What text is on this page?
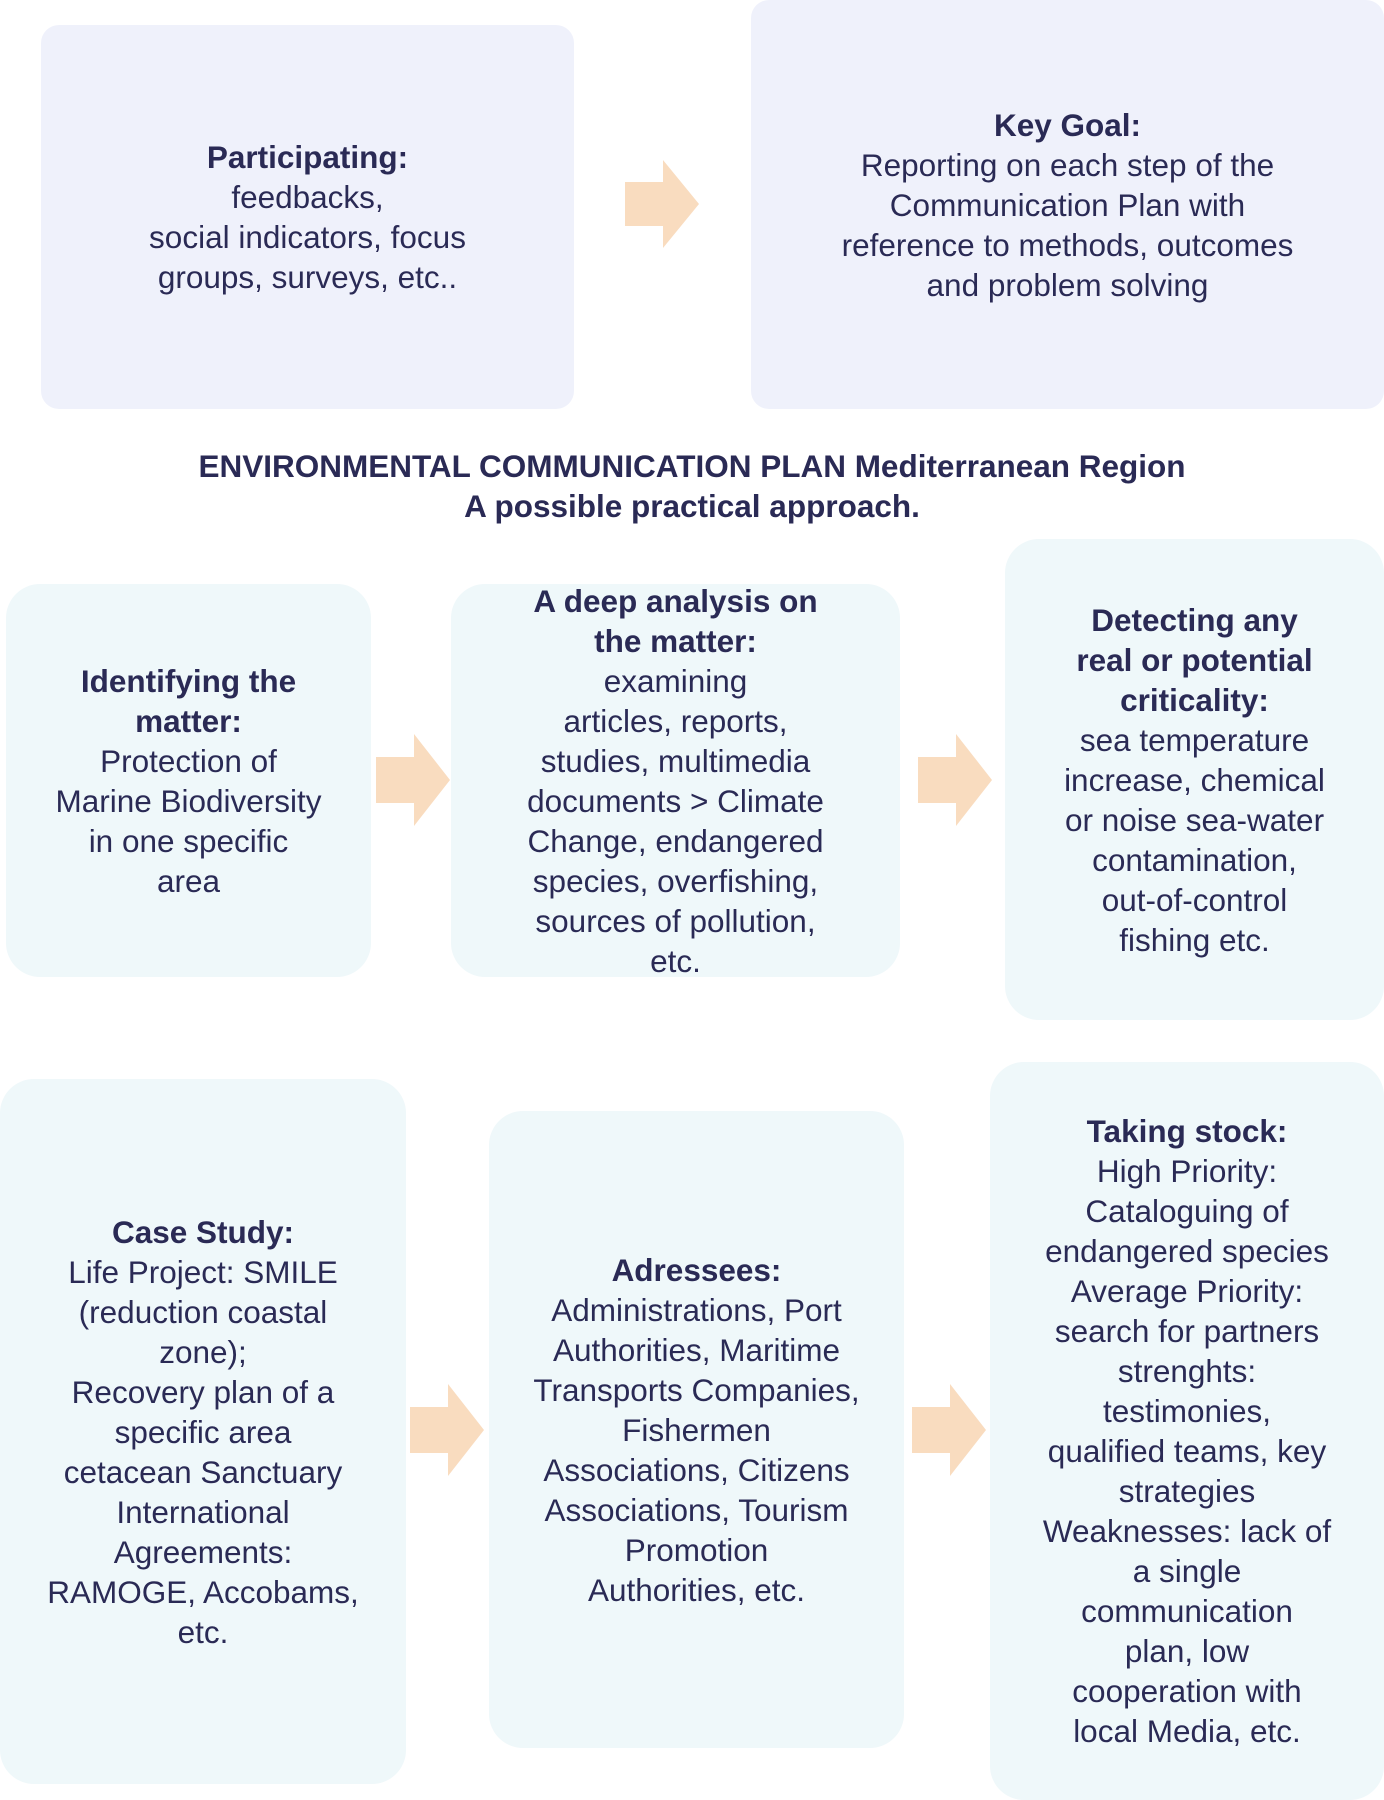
Participating:
feedbacks,
social indicators, focus
groups, surveys, etc..
Key Goal:
Reporting on each step of the
Communication Plan with
reference to methods, outcomes
and problem solving
ENVIRONMENTAL COMMUNICATION PLAN Mediterranean Region
A possible practical approach.
Identifying the
matter:
Protection of
Marine Biodiversity
in one specific
area
A deep analysis on
the matter:
examining
articles, reports,
studies, multimedia
documents > Climate
Change, endangered
species, overfishing,
sources of pollution,
etc.
Detecting any
real or potential
criticality:
sea temperature
increase, chemical
or noise sea-water
contamination,
out-of-control
fishing etc.
Case Study:
Life Project: SMILE
(reduction coastal
zone);
Recovery plan of a
specific area
cetacean Sanctuary
International
Agreements:
RAMOGE, Accobams,
etc.
Adressees:
Administrations, Port
Authorities, Maritime
Transports Companies,
Fishermen
Associations, Citizens
Associations, Tourism
Promotion
Authorities, etc.
Taking stock:
High Priority:
Cataloguing of
endangered species
Average Priority:
search for partners
strenghts:
testimonies,
qualified teams, key
strategies
Weaknesses: lack of
a single
communication
plan, low
cooperation with
local Media, etc.
